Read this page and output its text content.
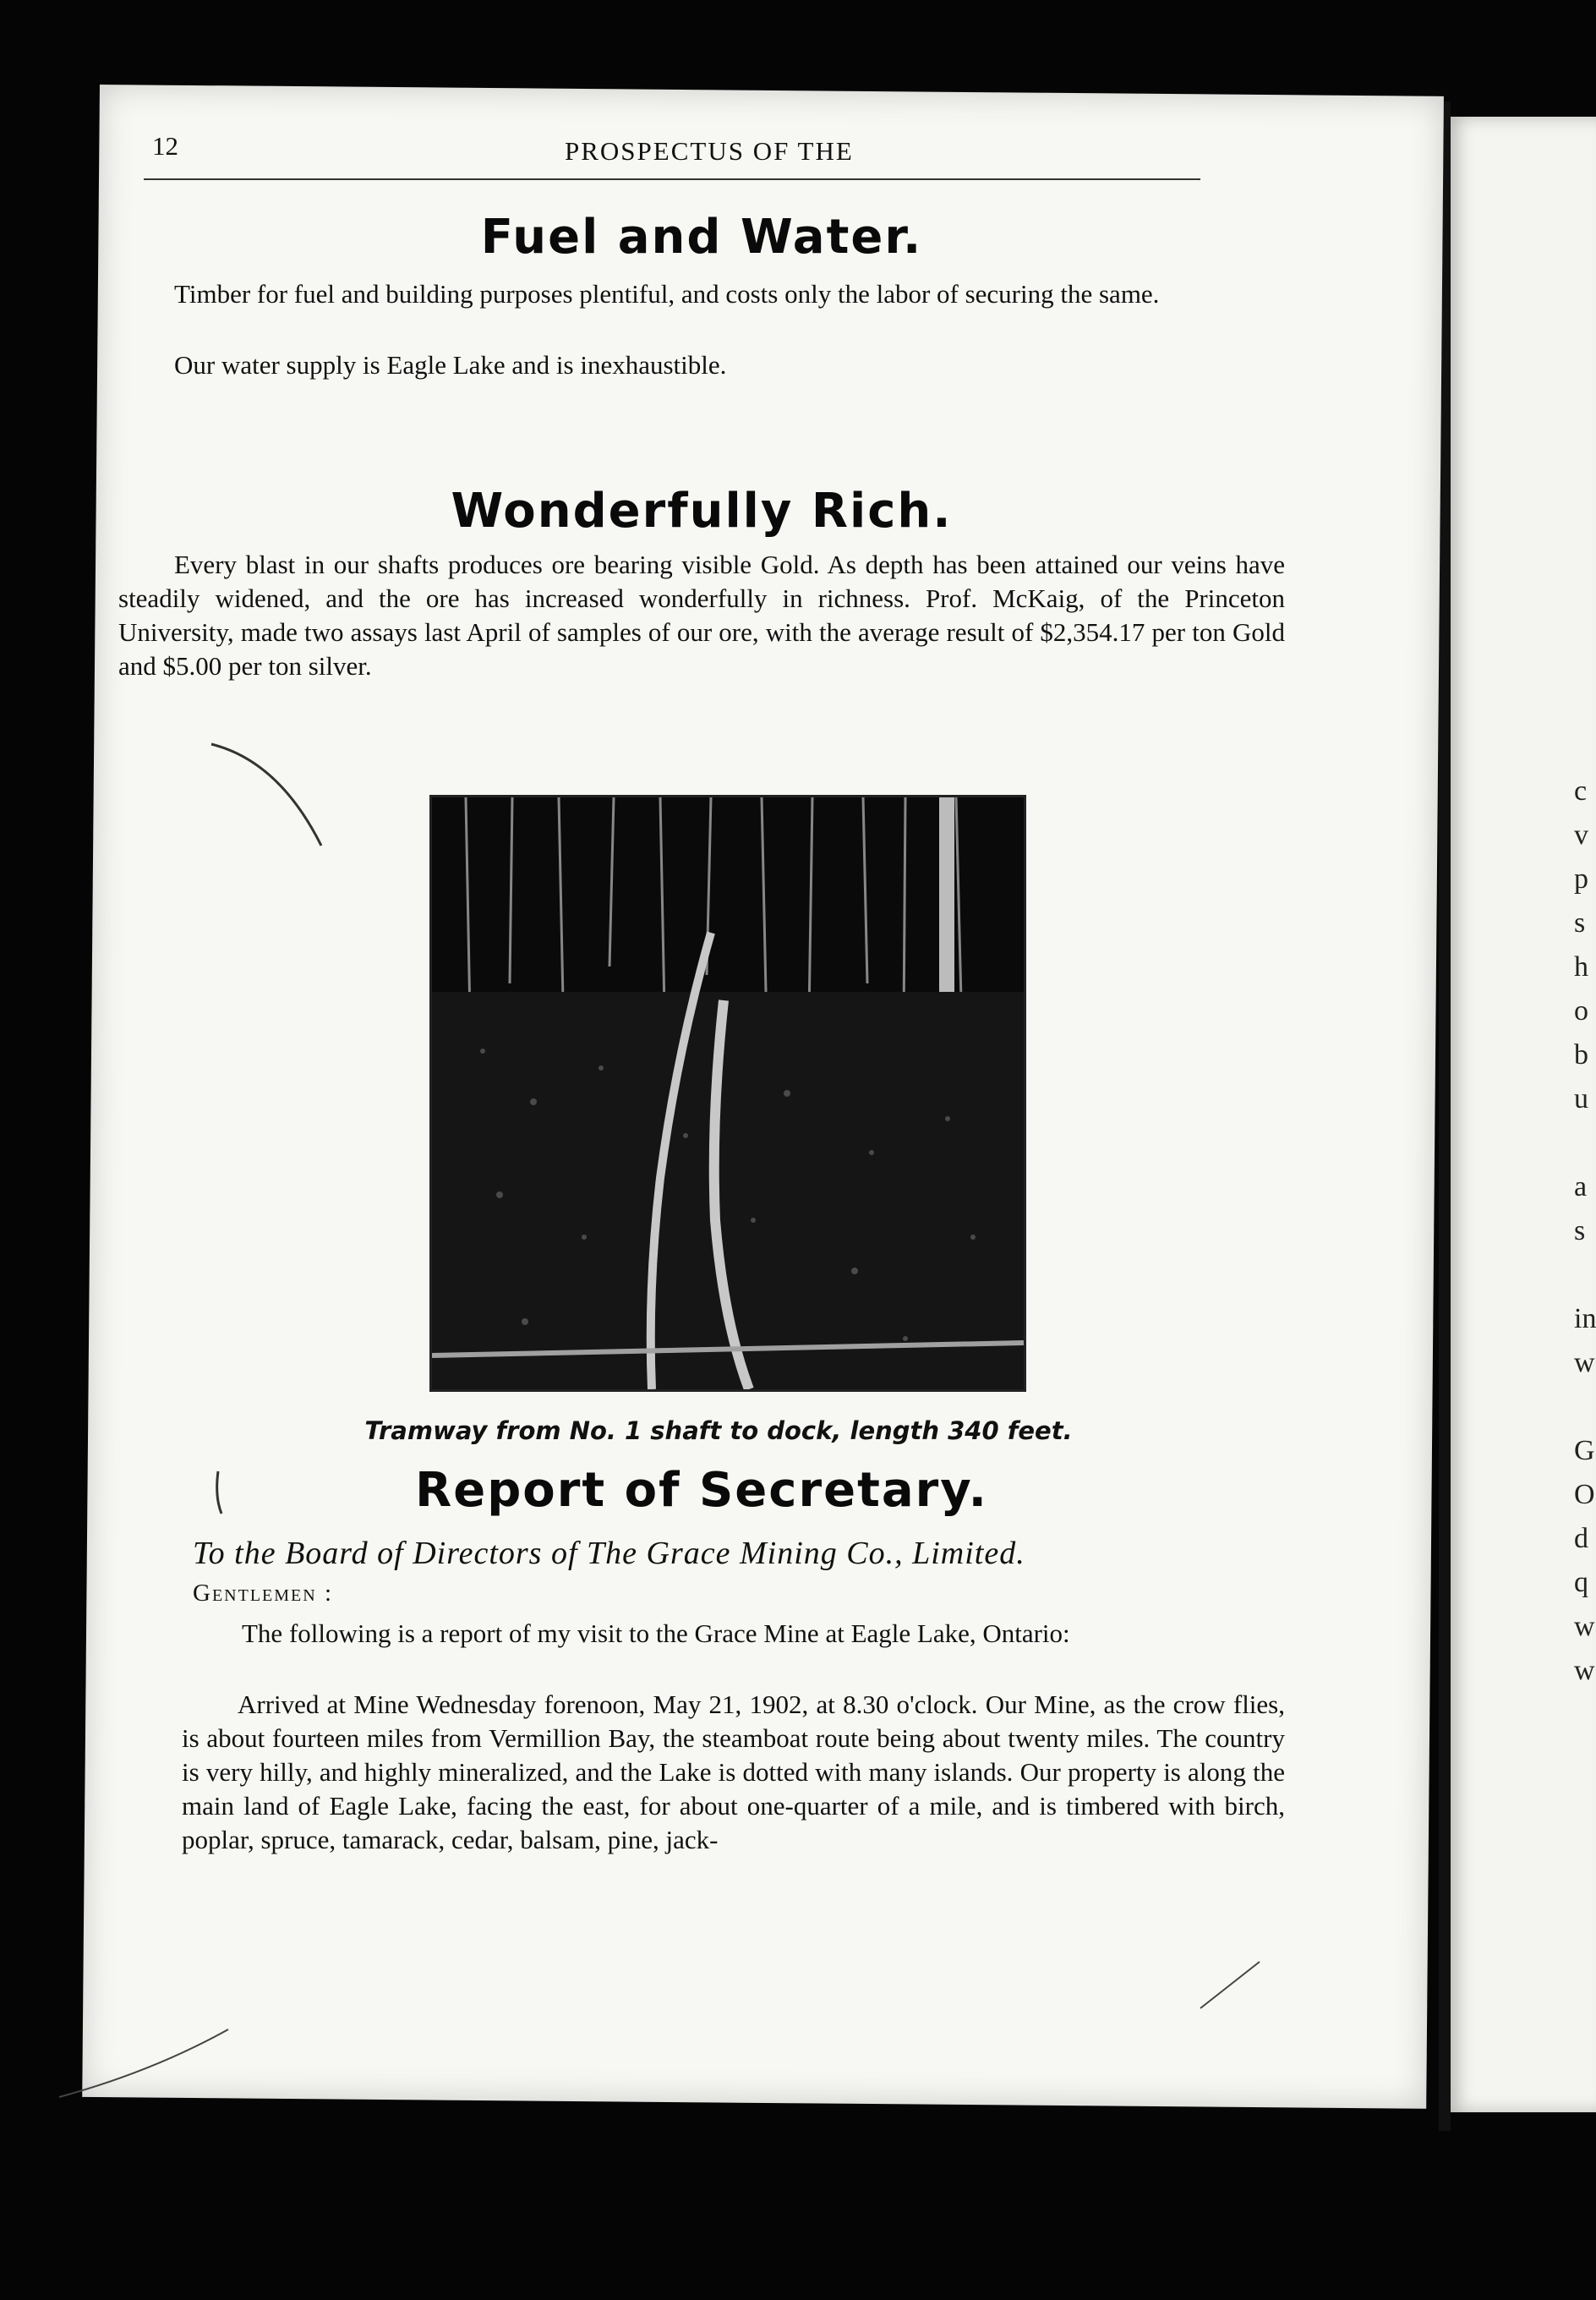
c
v
p
s
h
o
b
u
a
s
in
w
G
O
d
q
w
w
12	PROSPECTUS OF THE
Fuel and Water.
Timber for fuel and building purposes plentiful, and costs only the labor of securing the same.
Our water supply is Eagle Lake and is inexhaustible.
Wonderfully Rich.
Every blast in our shafts produces ore bearing visible Gold. As depth has been attained our veins have steadily widened, and the ore has increased wonderfully in richness. Prof. McKaig, of the Princeton University, made two assays last April of samples of our ore, with the average result of $2,354.17 per ton Gold and $5.00 per ton silver.
Tramway from No. 1 shaft to dock, length 340 feet.
Report of Secretary.
To the Board of Directors of The Grace Mining Co., Limited.
Gentlemen :
The following is a report of my visit to the Grace Mine at Eagle Lake, Ontario:
Arrived at Mine Wednesday forenoon, May 21, 1902, at 8.30 o'clock. Our Mine, as the crow flies, is about fourteen miles from Vermillion Bay, the steamboat route being about twenty miles. The country is very hilly, and highly mineralized, and the Lake is dotted with many islands. Our property is along the main land of Eagle Lake, facing the east, for about one-quarter of a mile, and is timbered with birch, poplar, spruce, tamarack, cedar, balsam, pine, jack-
